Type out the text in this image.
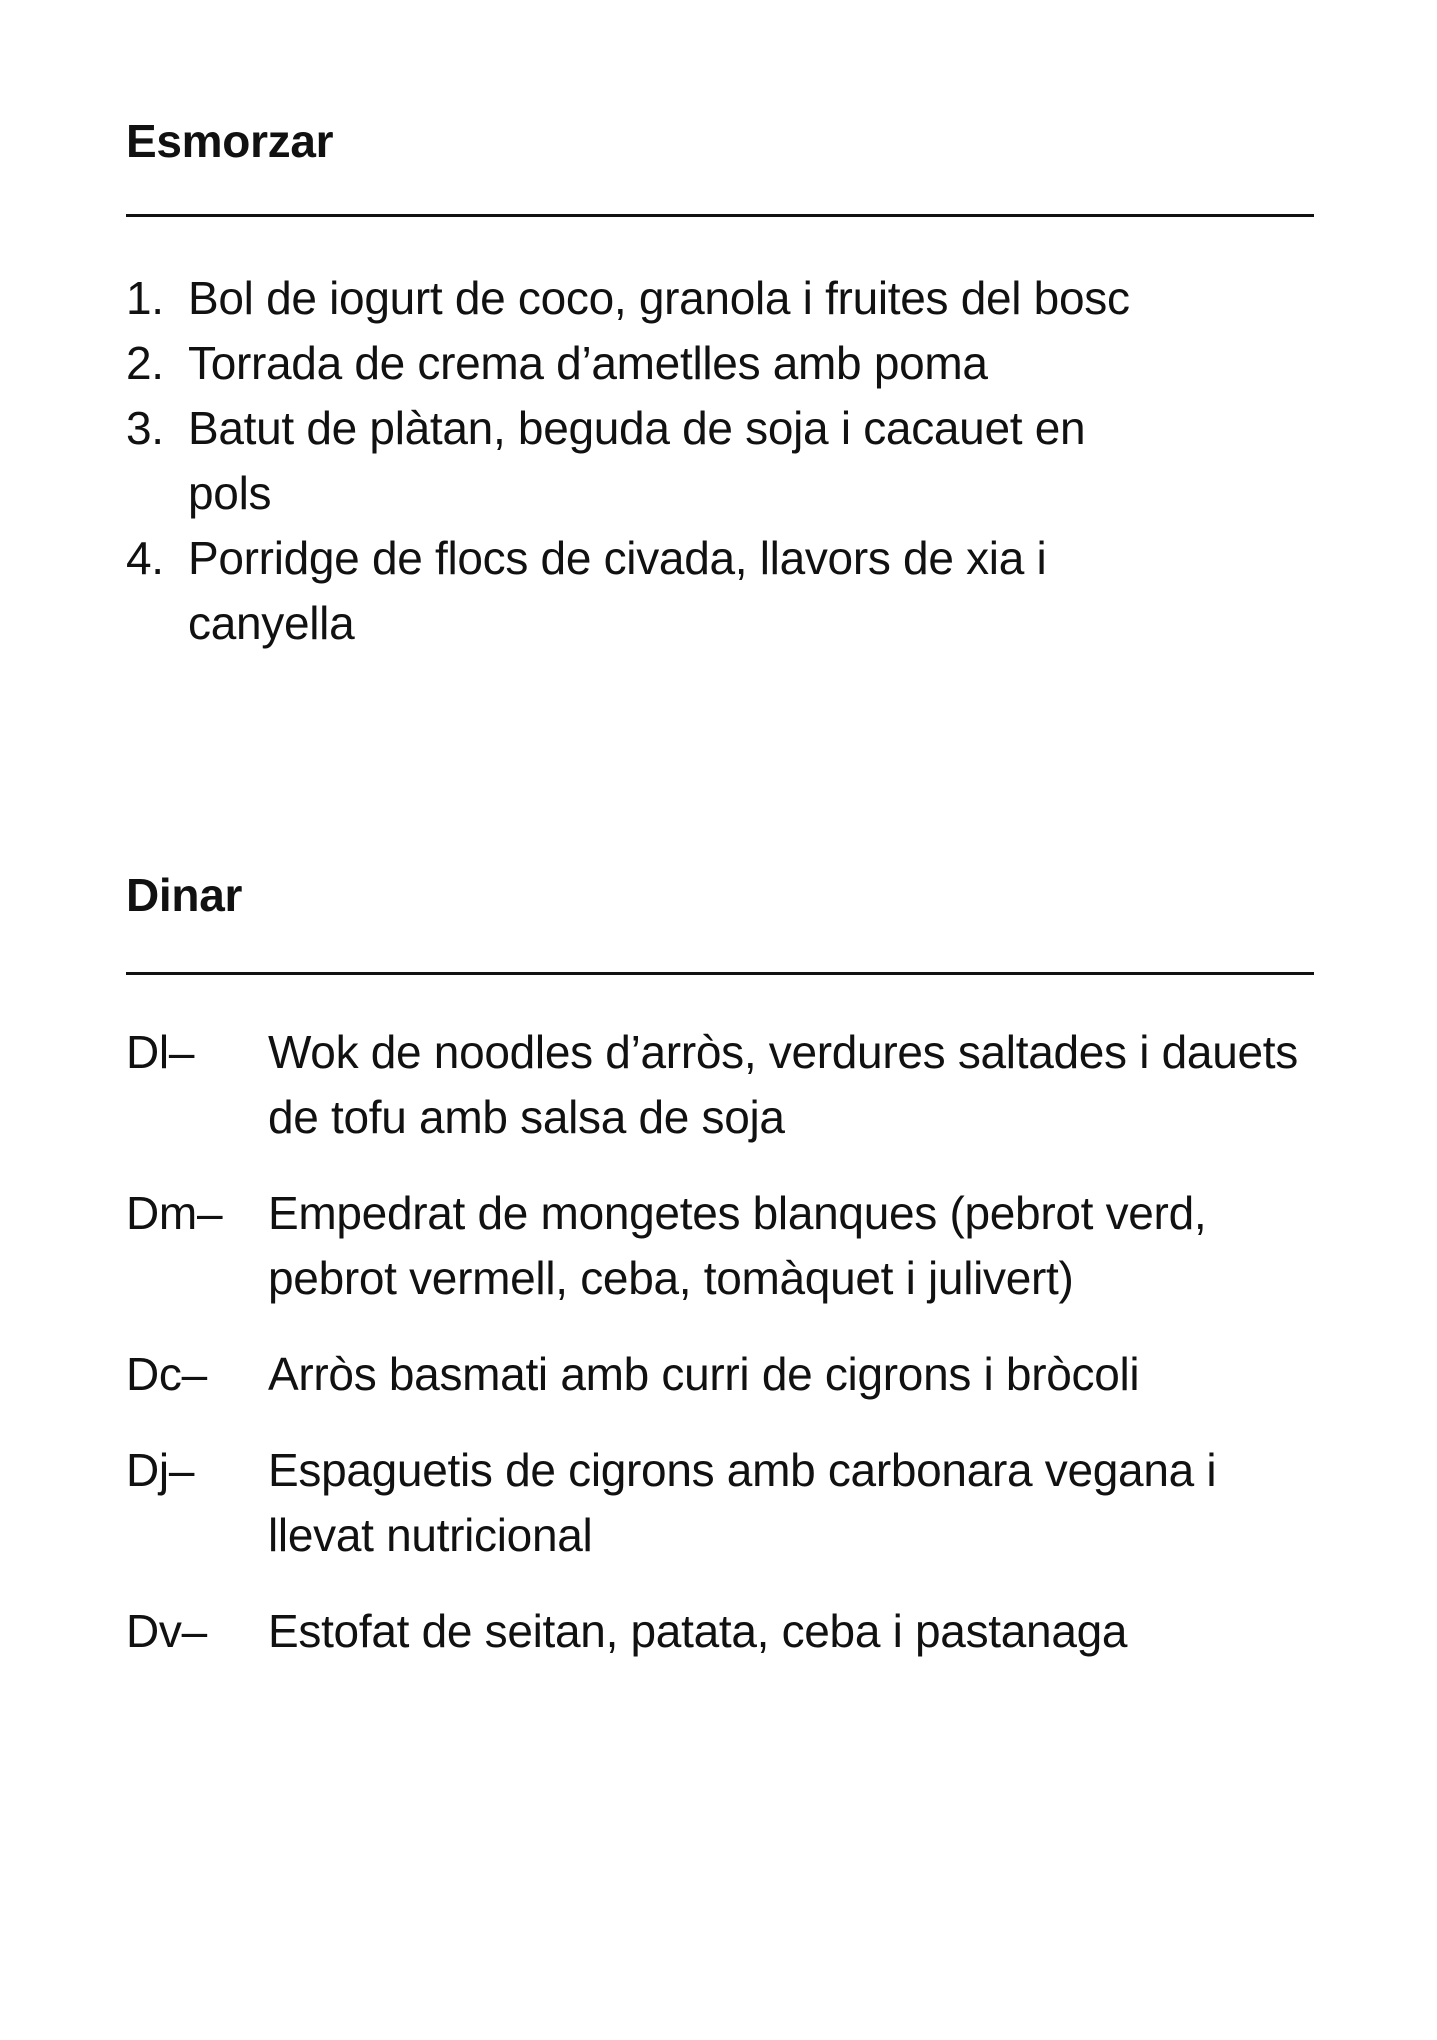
Esmorzar
1. Bol de iogurt de coco, granola i fruites del bosc
2. Torrada de crema d’ametlles amb poma
3. Batut de plàtan, beguda de soja i cacauet en pols
4. Porridge de flocs de civada, llavors de xia i canyella
Dinar
Dl–	Wok de noodles d’arròs, verdures saltades i dauets de tofu amb salsa de soja
Dm– Empedrat de mongetes blanques (pebrot verd, pebrot vermell, ceba, tomàquet i julivert)
Dc–	Arròs basmati amb curri de cigrons i bròcoli
Dj–	Espaguetis de cigrons amb carbonara vegana i llevat nutricional
Dv–	Estofat de seitan, patata, ceba i pastanaga
